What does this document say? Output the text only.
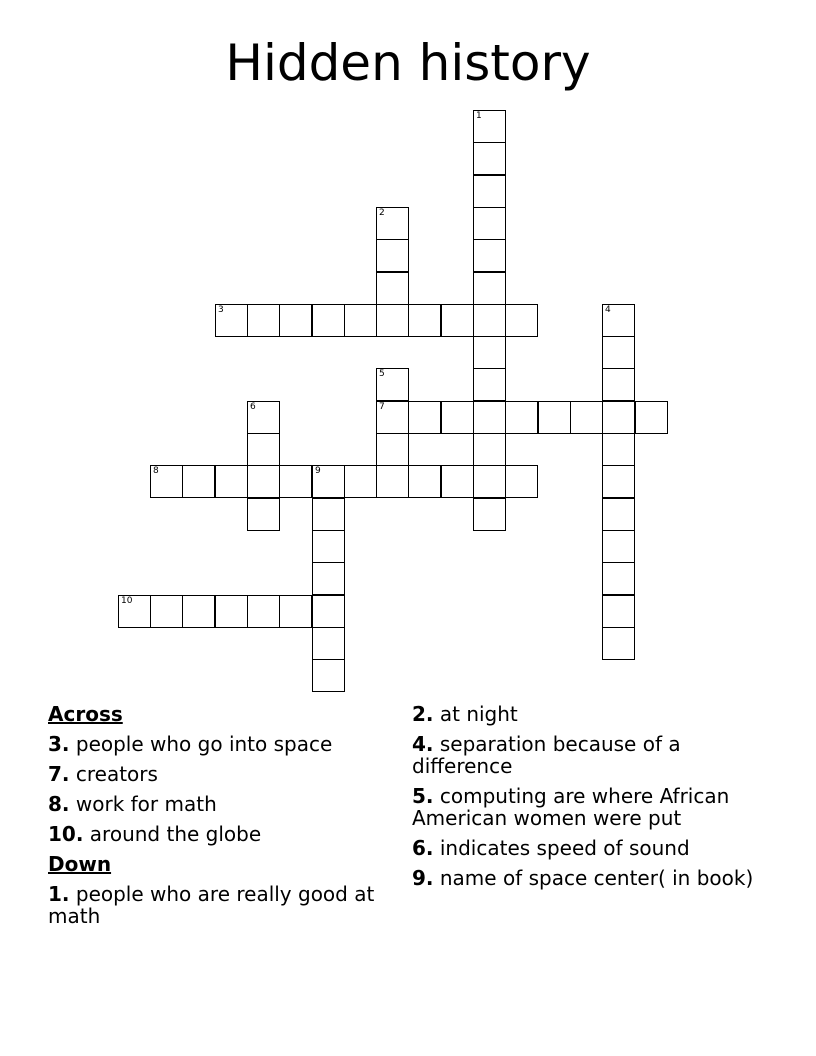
Hidden history
3
7
8	9
10
1
2
4
5
6
Across
3. people who go into space
7. creators
8. work for math
10. around the globe
Down
1. people who are really good at math
2. at night
4. separation because of a difference
5. computing are where African American women were put
6. indicates speed of sound
9. name of space center( in book)
